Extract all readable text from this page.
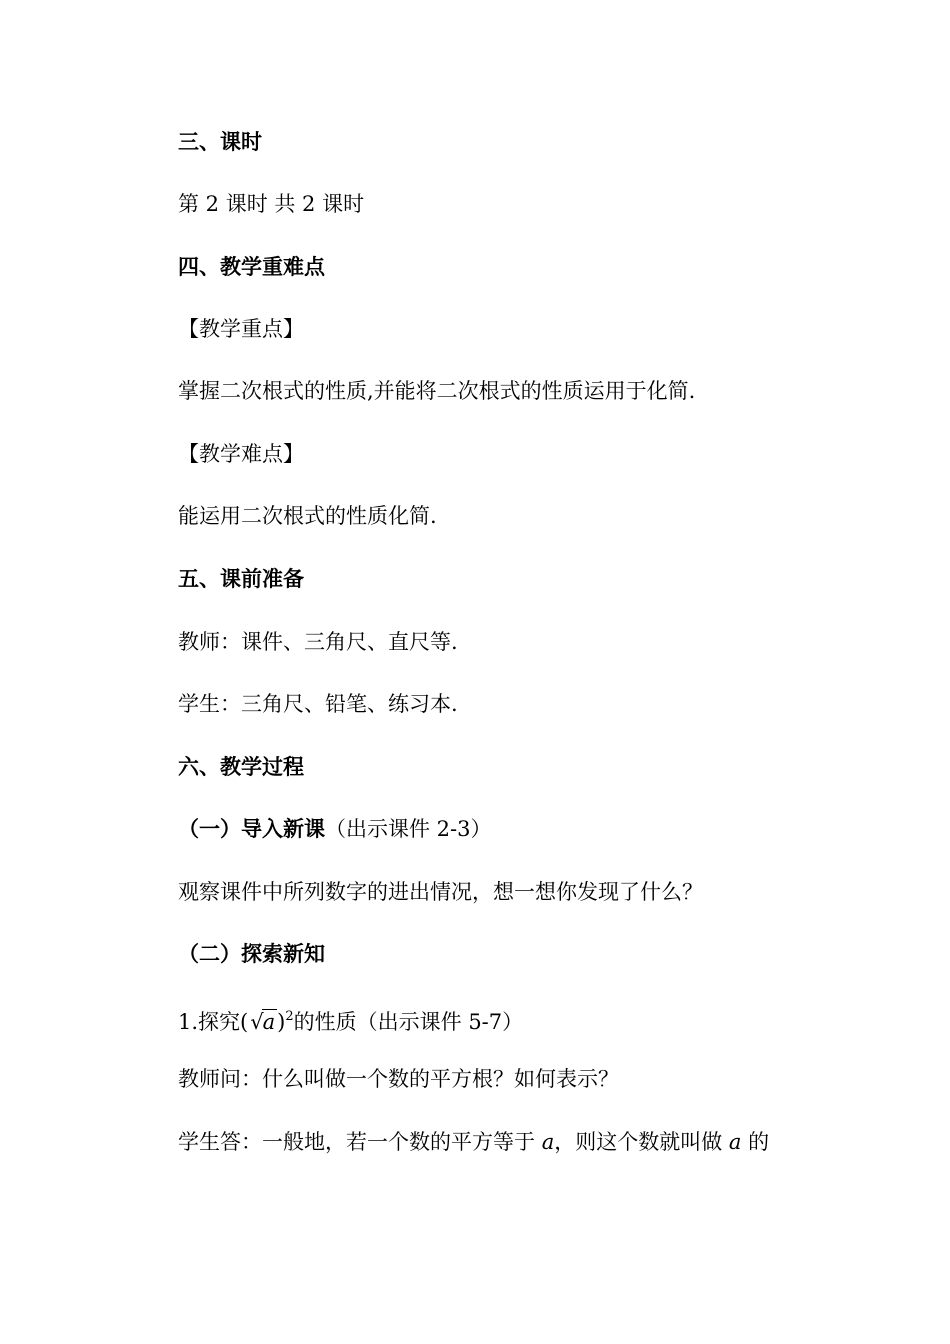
三、课时
第 2 课时 共 2 课时
四、教学重难点
【教学重点】
掌握二次根式的性质,并能将二次根式的性质运用于化简.
【教学难点】
能运用二次根式的性质化简.
五、课前准备
教师：课件、三角尺、直尺等.
学生：三角尺、铅笔、练习本.
六、教学过程
（一）导入新课（出示课件 2-3）
观察课件中所列数字的进出情况，想一想你发现了什么？
（二）探索新知
1.探究$(√a)^2$的性质（出示课件 5-7）
教师问：什么叫做一个数的平方根？如何表示？
学生答：一般地，若一个数的平方等于 a，则这个数就叫做 a 的
